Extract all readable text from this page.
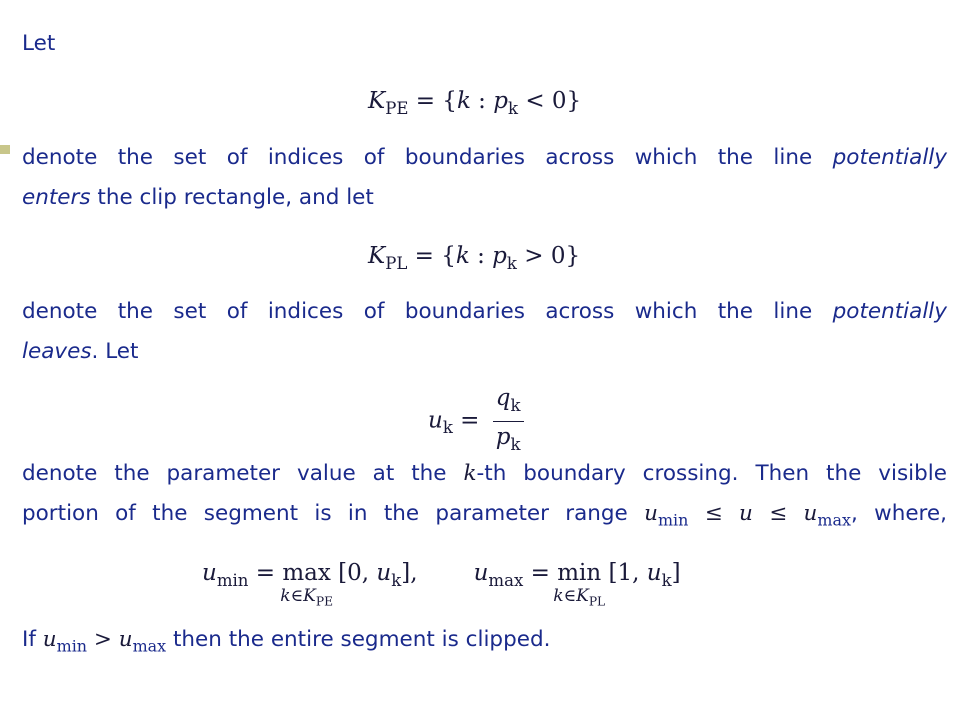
Let
$K_{PE} = \{k$ : $p_k < 0$}
denote the set of indices of boundaries across which the line potentially
enters the clip rectangle, and let
$K_{PL} = \{k$ : $p_k > 0$}
denote the set of indices of boundaries across which the line potentially
leaves. Let
$u_k = \frac{q_k}{p_k}$
denote the parameter value at the k-th boundary crossing. Then the visible
portion of the segment is in the parameter range $u_{min} \le u \le u_{max}$, where,
$u_{min} = \max$
$k\in K_{PE}$
[0, $u_k$], $u_{max} = \min$
$k\in K_{PL}$
[1, $u_k$]
If $u_{min} > u_{max}$ then the entire segment is clipped.
